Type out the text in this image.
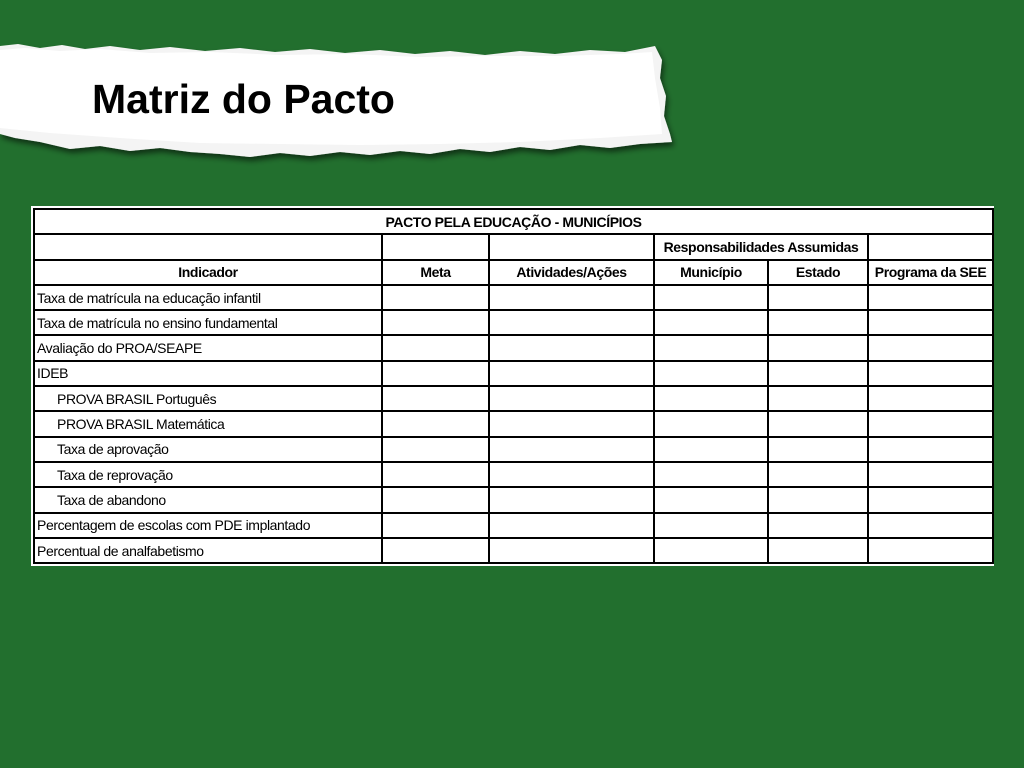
Matriz do Pacto
PACTO PELA EDUCAÇÃO - MUNICÍPIOS					
			Responsabilidades Assumidas		
Indicador	Meta	Atividades/Ações	Município	Estado	Programa da SEE
Taxa de matrícula na educação infantil					
Taxa de matrícula no ensino fundamental					
Avaliação do PROA/SEAPE					
IDEB					
PROVA BRASIL Português					
PROVA BRASIL Matemática					
Taxa de aprovação					
Taxa de reprovação					
Taxa de abandono					
Percentagem de escolas com PDE implantado					
Percentual de analfabetismo					
